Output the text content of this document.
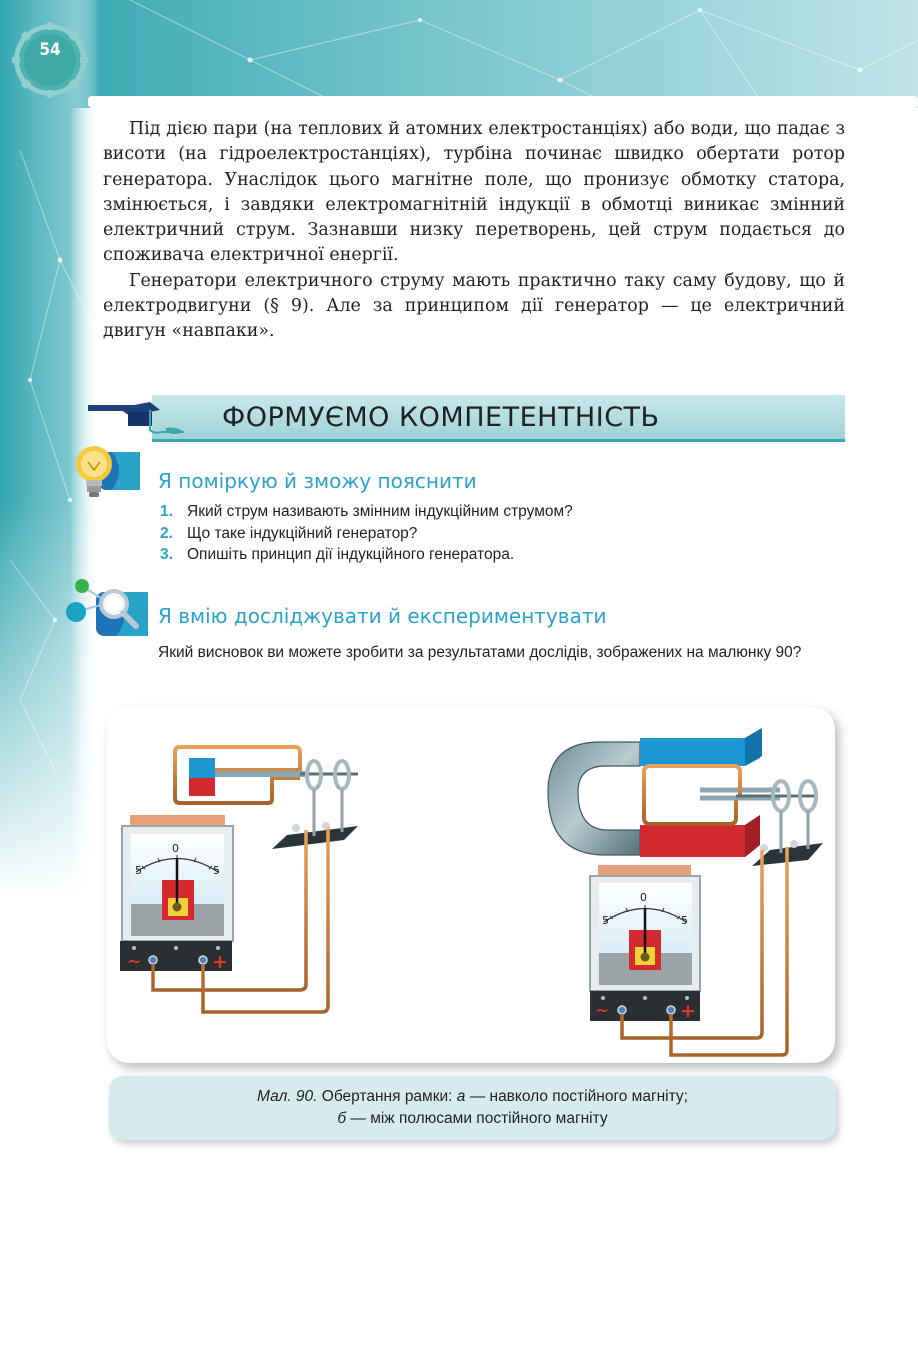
54

Під дією пари (на теплових й атомних електростанціях) або води, що падає з висоти (на гідроелектростанціях), турбіна починає швидко обертати ротор генератора. Унаслідок цього магнітне поле, що пронизує обмотку статора, змінюється, і завдяки електромагнітній індукції в обмотці виникає змінний електричний струм. Зазнавши низку перетворень, цей струм подається до споживача електричної енергії.

Генератори електричного струму мають практично таку саму будову, що й електродвигуни (§ 9). Але за принципом дії генератор — це електричний двигун «навпаки».

ФОРМУЄМО КОМПЕТЕНТНІСТЬ
Я поміркую й зможу пояснити
1. Який струм називають змінним індукційним струмом?
2. Що таке індукційний генератор?
3. Опишіть принцип дії індукційного генератора.
Я вмію досліджувати й експериментувати

Який висновок ви можете зробити за результатами дослідів, зображених на малюнку 90?

5
0
5
~	+
5
0
5
~	+
Мал. 90. Обертання рамки: а — навколо постійного магніту;
б — між полюсами постійного магніту
